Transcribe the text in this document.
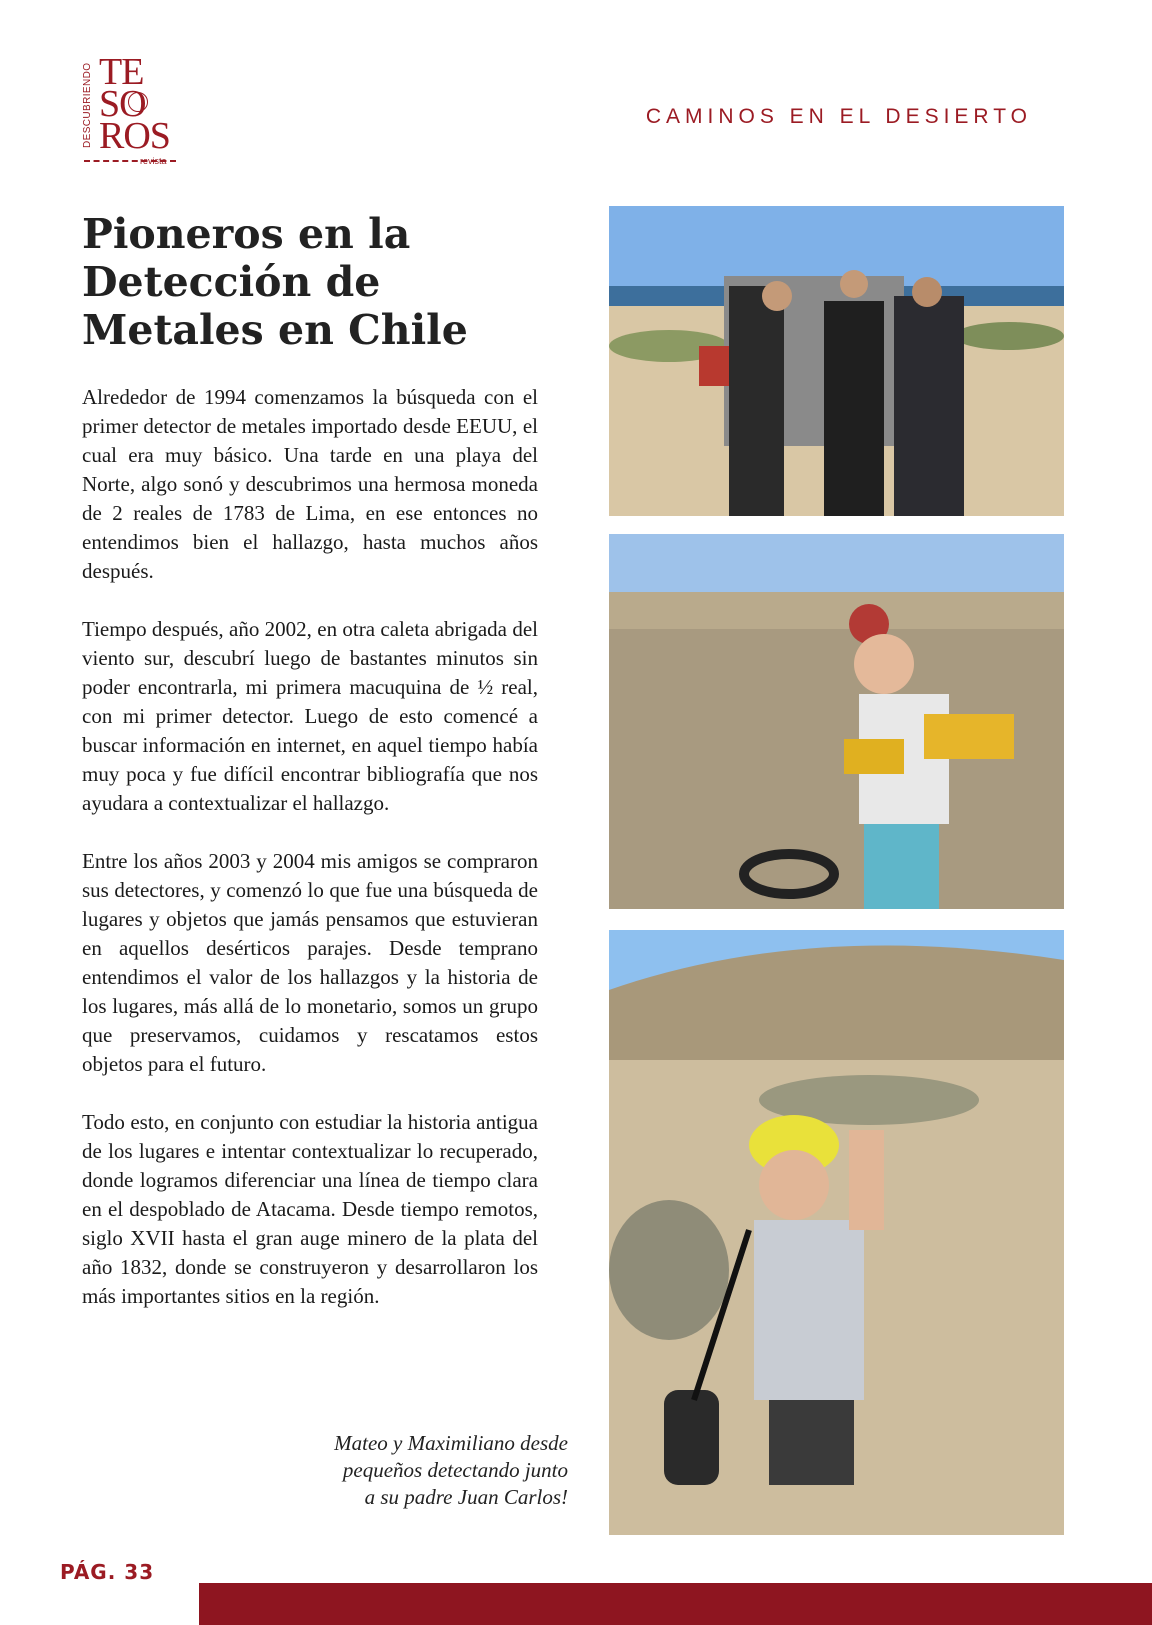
DESCUBRIENDO TE
SO
ROS
revista
CAMINOS EN EL DESIERTO
Pioneros en la Detección de Metales en Chile

Alrededor de 1994 comenzamos la búsqueda con el primer detector de metales importado desde EEUU, el cual era muy básico. Una tarde en una playa del Norte, algo sonó y descubrimos una hermosa moneda de 2 reales de 1783 de Lima, en ese entonces no entendimos bien el hallazgo, hasta muchos años después.

Tiempo después, año 2002, en otra caleta abrigada del viento sur, descubrí luego de bastantes minutos sin poder encontrarla, mi primera macuquina de ½ real, con mi primer detector. Luego de esto comencé a buscar información en internet, en aquel tiempo había muy poca y fue difícil encontrar bibliografía que nos ayudara a contextualizar el hallazgo.

Entre los años 2003 y 2004 mis amigos se compraron sus detectores, y comenzó lo que fue una búsqueda de lugares y objetos que jamás pensamos que estuvieran en aquellos desérticos parajes. Desde temprano entendimos el valor de los hallazgos y la historia de los lugares, más allá de lo monetario, somos un grupo que preservamos, cuidamos y rescatamos estos objetos para el futuro.

Todo esto, en conjunto con estudiar la historia antigua de los lugares e intentar contextualizar lo recuperado, donde logramos diferenciar una línea de tiempo clara en el despoblado de Atacama. Desde tiempo remotos, siglo XVII hasta el gran auge minero de la plata del año 1832, donde se construyeron y desarrollaron los más importantes sitios en la región.

Mateo y Maximiliano desde
pequeños detectando junto
a su padre Juan Carlos!
PÁG. 33
